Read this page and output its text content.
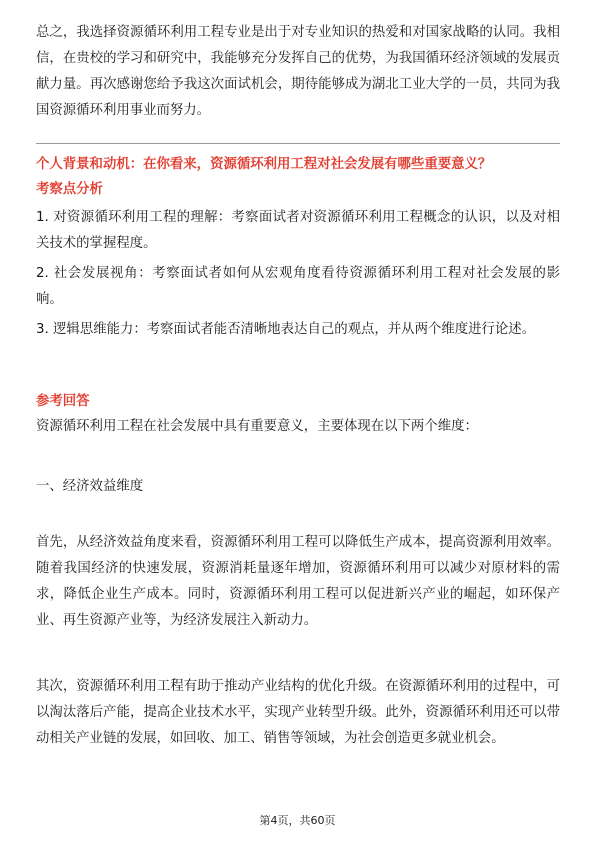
总之，我选择资源循环利用工程专业是出于对专业知识的热爱和对国家战略的认同。我相信，在贵校的学习和研究中，我能够充分发挥自己的优势，为我国循环经济领域的发展贡献力量。再次感谢您给予我这次面试机会，期待能够成为湖北工业大学的一员，共同为我国资源循环利用事业而努力。

个人背景和动机：在你看来，资源循环利用工程对社会发展有哪些重要意义？

考察点分析

1. 对资源循环利用工程的理解：考察面试者对资源循环利用工程概念的认识，以及对相关技术的掌握程度。

2. 社会发展视角：考察面试者如何从宏观角度看待资源循环利用工程对社会发展的影响。

3. 逻辑思维能力：考察面试者能否清晰地表达自己的观点，并从两个维度进行论述。

参考回答

资源循环利用工程在社会发展中具有重要意义，主要体现在以下两个维度：

一、经济效益维度

首先，从经济效益角度来看，资源循环利用工程可以降低生产成本，提高资源利用效率。随着我国经济的快速发展，资源消耗量逐年增加，资源循环利用可以减少对原材料的需求，降低企业生产成本。同时，资源循环利用工程可以促进新兴产业的崛起，如环保产业、再生资源产业等，为经济发展注入新动力。

其次，资源循环利用工程有助于推动产业结构的优化升级。在资源循环利用的过程中，可以淘汰落后产能，提高企业技术水平，实现产业转型升级。此外，资源循环利用还可以带动相关产业链的发展，如回收、加工、销售等领域，为社会创造更多就业机会。

第4页，共60页
